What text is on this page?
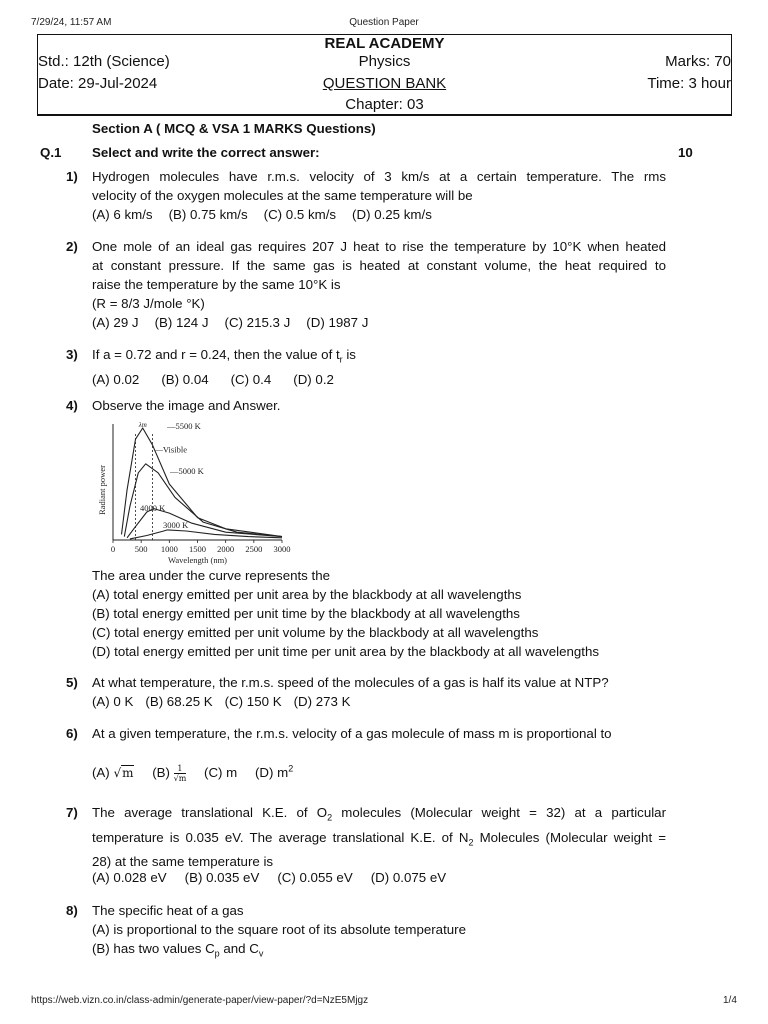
7/29/24, 11:57 AM	Question Paper
REAL ACADEMY
Std.: 12th (Science)	Physics	Marks: 70
Date: 29-Jul-2024	QUESTION BANK	Time: 3 hour
Chapter: 03
Section A ( MCQ & VSA 1 MARKS Questions)
Q.1 Select and write the correct answer:	10
1) Hydrogen molecules have r.m.s. velocity of 3 km/s at a certain temperature. The rms
velocity of the oxygen molecules at the same temperature will be
(A) 6 km/s (B) 0.75 km/s (C) 0.5 km/s (D) 0.25 km/s
2) One mole of an ideal gas requires 207 J heat to rise the temperature by 10°K when heated
at constant pressure. If the same gas is heated at constant volume, the heat required to
raise the temperature by the same 10°K is
(R = 8/3 J/mole °K)
(A) 29 J (B) 124 J (C) 215.3 J (D) 1987 J
3) If a = 0.72 and r = 0.24, then the value of $t_r$ is
(A) 0.02 (B) 0.04 (C) 0.4 (D) 0.2
4) Observe the image and Answer.
0 500 1000 1500 2000 2500 3000
Wavelength (nm)
Radiant power
—5500 K
—5000 K
4000 K
3000 K
—Visible
λm
The area under the curve represents the
(A) total energy emitted per unit area by the blackbody at all wavelengths
(B) total energy emitted per unit time by the blackbody at all wavelengths
(C) total energy emitted per unit volume by the blackbody at all wavelengths
(D) total energy emitted per unit time per unit area by the blackbody at all wavelengths
5) At what temperature, the r.m.s. speed of the molecules of a gas is half its value at NTP?
(A) 0 K (B) 68.25 K (C) 150 K (D) 273 K
6) At a given temperature, the r.m.s. velocity of a gas molecule of mass m is proportional to
(A) √m $(B) \frac{1}{√m} (C)$ m (D) $m^2$
7) The average translational K.E. of $O_2$ molecules (Molecular weight = 32) at a particular
temperature is 0.035 eV. The average translational K.E. of $N_2$ Molecules (Molecular weight =
28) at the same temperature is
(A) 0.028 eV (B) 0.035 eV (C) 0.055 eV (D) 0.075 eV
8) The specific heat of a gas
(A) is proportional to the square root of its absolute temperature
(B) has two values $C_p$ and $C_v$
https://web.vizn.co.in/class-admin/generate-paper/view-paper/?d=NzE5Mjgz	1/4
